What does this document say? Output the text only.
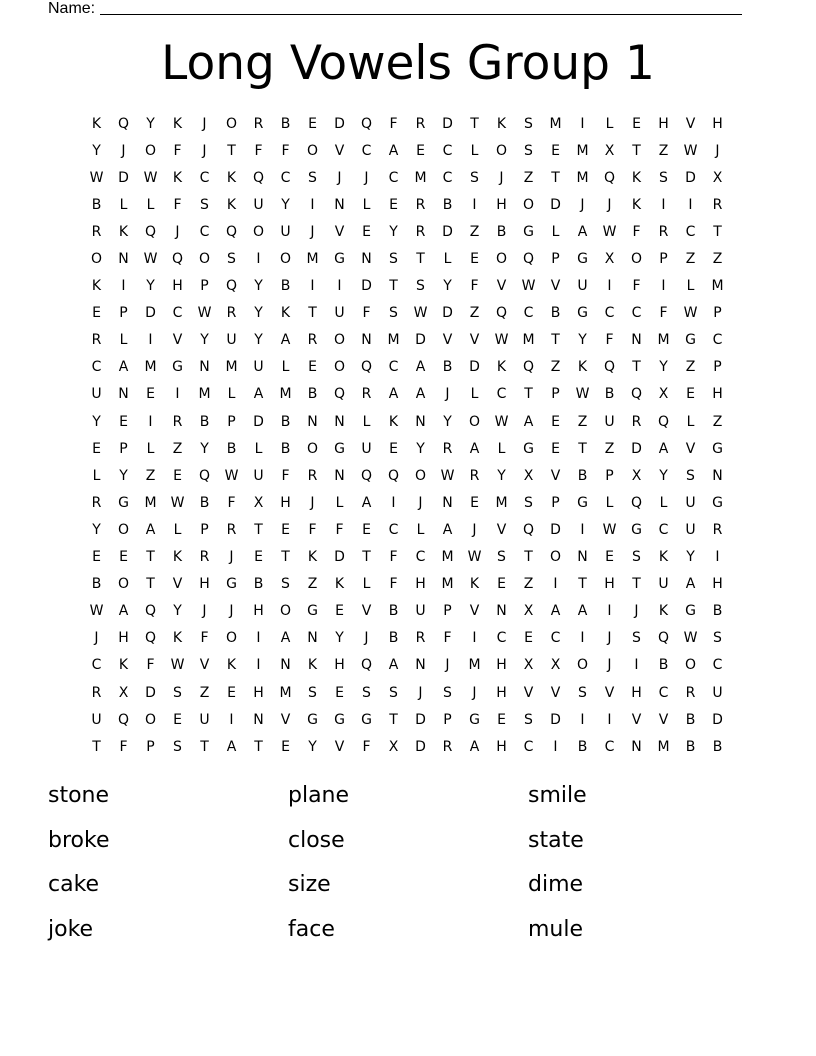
Name:
Long Vowels Group 1
K	Q	Y	K	J	O	R	B	E	D	Q	F	R	D	T	K	S	M	I	L	E	H	V	H
Y	J	O	F	J	T	F	F	O	V	C	A	E	C	L	O	S	E	M	X	T	Z	W	J
W	D	W	K	C	K	Q	C	S	J	J	C	M	C	S	J	Z	T	M	Q	K	S	D	X
B	L	L	F	S	K	U	Y	I	N	L	E	R	B	I	H	O	D	J	J	K	I	I	R
R	K	Q	J	C	Q	O	U	J	V	E	Y	R	D	Z	B	G	L	A	W	F	R	C	T
O	N	W	Q	O	S	I	O	M	G	N	S	T	L	E	O	Q	P	G	X	O	P	Z	Z
K	I	Y	H	P	Q	Y	B	I	I	D	T	S	Y	F	V	W	V	U	I	F	I	L	M
E	P	D	C	W	R	Y	K	T	U	F	S	W	D	Z	Q	C	B	G	C	C	F	W	P
R	L	I	V	Y	U	Y	A	R	O	N	M	D	V	V	W	M	T	Y	F	N	M	G	C
C	A	M	G	N	M	U	L	E	O	Q	C	A	B	D	K	Q	Z	K	Q	T	Y	Z	P
U	N	E	I	M	L	A	M	B	Q	R	A	A	J	L	C	T	P	W	B	Q	X	E	H
Y	E	I	R	B	P	D	B	N	N	L	K	N	Y	O	W	A	E	Z	U	R	Q	L	Z
E	P	L	Z	Y	B	L	B	O	G	U	E	Y	R	A	L	G	E	T	Z	D	A	V	G
L	Y	Z	E	Q	W	U	F	R	N	Q	Q	O	W	R	Y	X	V	B	P	X	Y	S	N
R	G	M	W	B	F	X	H	J	L	A	I	J	N	E	M	S	P	G	L	Q	L	U	G
Y	O	A	L	P	R	T	E	F	F	E	C	L	A	J	V	Q	D	I	W	G	C	U	R
E	E	T	K	R	J	E	T	K	D	T	F	C	M	W	S	T	O	N	E	S	K	Y	I
B	O	T	V	H	G	B	S	Z	K	L	F	H	M	K	E	Z	I	T	H	T	U	A	H
W	A	Q	Y	J	J	H	O	G	E	V	B	U	P	V	N	X	A	A	I	J	K	G	B
J	H	Q	K	F	O	I	A	N	Y	J	B	R	F	I	C	E	C	I	J	S	Q	W	S
C	K	F	W	V	K	I	N	K	H	Q	A	N	J	M	H	X	X	O	J	I	B	O	C
R	X	D	S	Z	E	H	M	S	E	S	S	J	S	J	H	V	V	S	V	H	C	R	U
U	Q	O	E	U	I	N	V	G	G	G	T	D	P	G	E	S	D	I	I	V	V	B	D
T	F	P	S	T	A	T	E	Y	V	F	X	D	R	A	H	C	I	B	C	N	M	B	B
stone	plane	smile
broke	close	state
cake	size	dime
joke	face	mule
